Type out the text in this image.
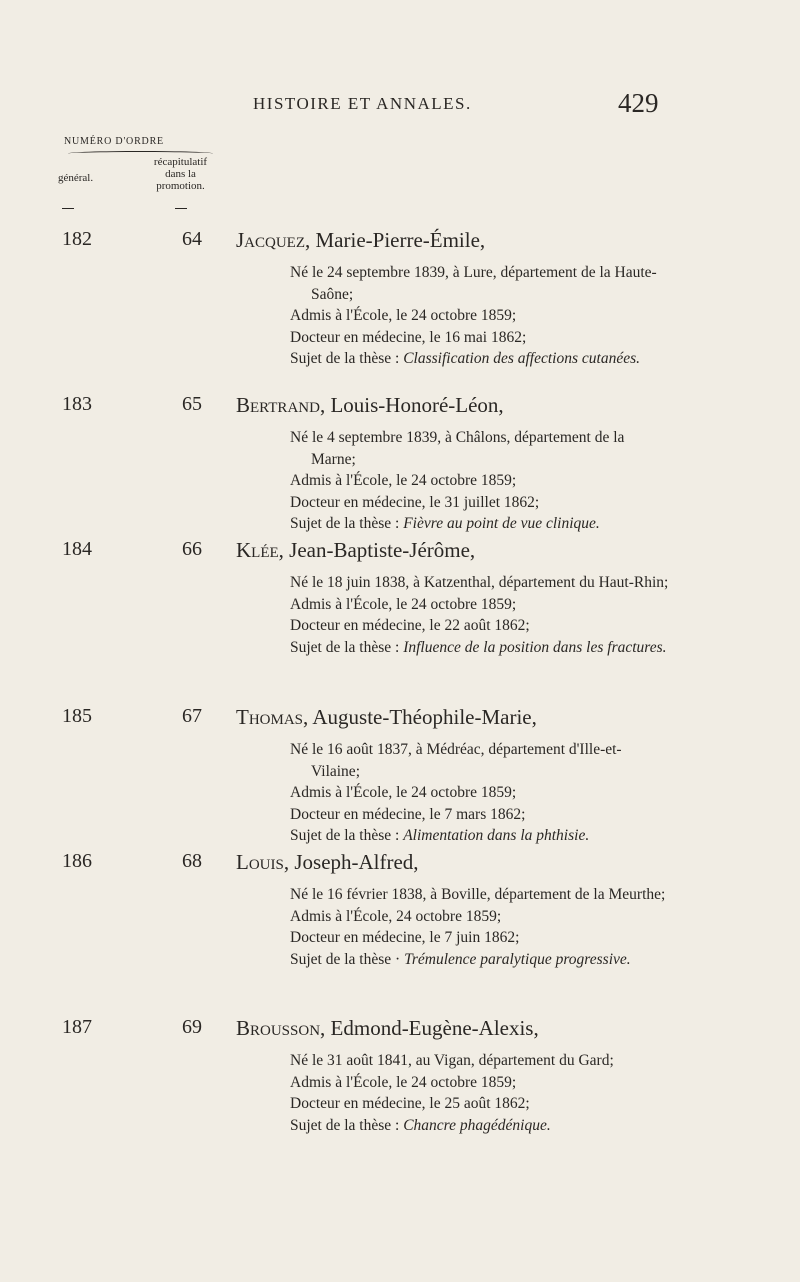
HISTOIRE ET ANNALES.	429
NUMÉRO D'ORDRE
général.
récapitulatif dans la promotion.
182	64 Jacquez, Marie-Pierre-Émile,

Né le 24 septembre 1839, à Lure, département de la Haute-Saône;

Admis à l'École, le 24 octobre 1859;

Docteur en médecine, le 16 mai 1862;

Sujet de la thèse : Classification des affections cutanées.

183	65 Bertrand, Louis-Honoré-Léon,

Né le 4 septembre 1839, à Châlons, département de la Marne;

Admis à l'École, le 24 octobre 1859;

Docteur en médecine, le 31 juillet 1862;

Sujet de la thèse : Fièvre au point de vue clinique.

184	66 Klée, Jean-Baptiste-Jérôme,

Né le 18 juin 1838, à Katzenthal, département du Haut-Rhin;

Admis à l'École, le 24 octobre 1859;

Docteur en médecine, le 22 août 1862;

Sujet de la thèse : Influence de la position dans les fractures.

185	67 Thomas, Auguste-Théophile-Marie,

Né le 16 août 1837, à Médréac, département d'Ille-et-Vilaine;

Admis à l'École, le 24 octobre 1859;

Docteur en médecine, le 7 mars 1862;

Sujet de la thèse : Alimentation dans la phthisie.

186	68 Louis, Joseph-Alfred,

Né le 16 février 1838, à Boville, département de la Meurthe;

Admis à l'École, 24 octobre 1859;

Docteur en médecine, le 7 juin 1862;

Sujet de la thèse · Trémulence paralytique progressive.

187	69 Brousson, Edmond-Eugène-Alexis,

Né le 31 août 1841, au Vigan, département du Gard;

Admis à l'École, le 24 octobre 1859;

Docteur en médecine, le 25 août 1862;

Sujet de la thèse : Chancre phagédénique.
